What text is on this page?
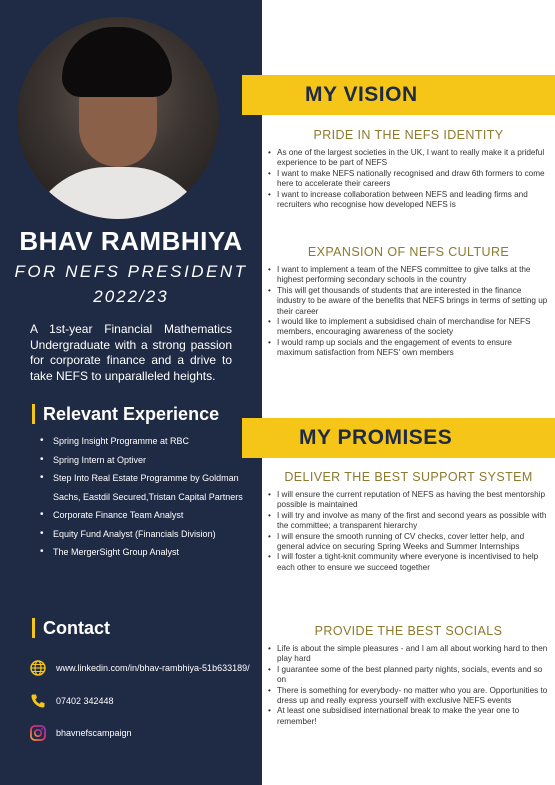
BHAV RAMBHIYA
FOR NEFS PRESIDENT
2022/23
A 1st-year Financial Mathematics Undergraduate with a strong passion for corporate finance and a drive to take NEFS to unparalleled heights.
Relevant Experience
• Spring Insight Programme at RBC
• Spring Intern at Optiver
• Step Into Real Estate Programme by Goldman Sachs, Eastdil Secured,Tristan Capital Partners
• Corporate Finance Team Analyst
• Equity Fund Analyst (Financials Division)
• The MergerSight Group Analyst
Contact
www.linkedin.com/in/bhav-rambhiya-51b633189/
07402 342448
bhavnefscampaign
MY VISION
PRIDE IN THE NEFS IDENTITY
• As one of the largest societies in the UK, I want to really make it a prideful experience to be part of NEFS
• I want to make NEFS nationally recognised and draw 6th formers to come here to accelerate their careers
• I want to increase collaboration between NEFS and leading firms and recruiters who recognise how developed NEFS is
EXPANSION OF NEFS CULTURE
• I want to implement a team of the NEFS committee to give talks at the highest performing secondary schools in the country
• This will get thousands of students that are interested in the finance industry to be aware of the benefits that NEFS brings in terms of setting up their career
• I would like to implement a subsidised chain of merchandise for NEFS members, encouraging awareness of the society
• I would ramp up socials and the engagement of events to ensure maximum satisfaction from NEFS' own members
MY PROMISES
DELIVER THE BEST SUPPORT SYSTEM
• I will ensure the current reputation of NEFS as having the best mentorship possible is maintained
• I will try and involve as many of the first and second years as possible with the committee; a transparent hierarchy
• I will ensure the smooth running of CV checks, cover letter help, and general advice on securing Spring Weeks and Summer Internships
• I will foster a tight-knit community where everyone is incentivised to help each other to ensure we succeed together
PROVIDE THE BEST SOCIALS
• Life is about the simple pleasures - and I am all about working hard to then play hard
• I guarantee some of the best planned party nights, socials, events and so on
• There is something for everybody- no matter who you are. Opportunities to dress up and really express yourself with exclusive NEFS events
• At least one subsidised international break to make the year one to remember!
